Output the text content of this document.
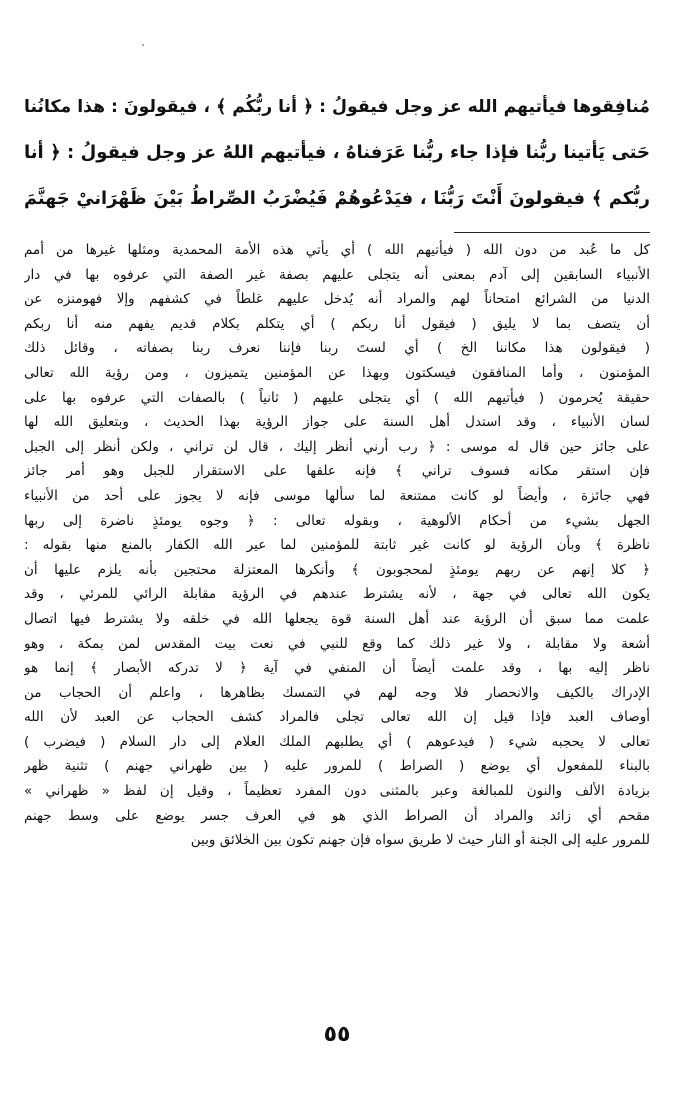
مُنافِقوها فيأتيهم الله عز وجل فيقولُ : ﴿ أنا ربُّكُم ﴾ ، فيقولونَ : هذا مكانُنا
حَتى يَأتينا ربُّنا فإذا جاء ربُّنا عَرَفناهُ ، فيأتيهم اللهُ عز وجل فيقولُ : ﴿ أنا
ربُّكم ﴾ فيقولونَ أَنْتَ رَبُّنَا ، فيَدْعُوهُمْ فَيُضْرَبُ الصِّراطُ بَيْنَ ظَهْرَانيْ جَهنَّمَ
كل ما عُبد من دون الله ( فيأتيهم الله ) أي يأتي هذه الأمة المحمدية ومثلها غيرها من أمم
الأنبياء السابقين إلى آدم بمعنى أنه يتجلى عليهم بصفة غير الصفة التي عرفوه بها في دار
الدنيا من الشرائع امتحاناً لهم والمراد أنه يُدخل عليهم غلطاً في كشفهم وإلا فهومنزه عن
أن يتصف بما لا يليق ( فيقول أنا ربكم ) أي يتكلم بكلام قديم يفهم منه أنا ربكم
( فيقولون هذا مكاننا الخ ) أي لستَ ربنا فإننا نعرف ربنا بصفاته ، وقائل ذلك
المؤمنون ، وأما المنافقون فيسكتون وبهذا عن المؤمنين يتميزون ، ومن رؤية الله تعالى
حقيقة يُحرمون ( فيأتيهم الله ) أي يتجلى عليهم ( ثانياً ) بالصفات التي عرفوه بها على
لسان الأنبياء ، وقد استدل أهل السنة على جواز الرؤية بهذا الحديث ، وبتعليق الله لها
على جائز حين قال له موسى : ﴿ رب أرني أنظر إليك ، قال لن تراني ، ولكن أنظر إلى الجبل
فإن استقر مكانه فسوف تراني ﴾ فإنه علقها على الاستقرار للجبل وهو أمر جائز
فهي جائزة ، وأيضاً لو كانت ممتنعة لما سألها موسى فإنه لا يجوز على أحد من الأنبياء
الجهل بشيء من أحكام الألوهية ، وبقوله تعالى : ﴿ وجوه يومئذٍ ناضرة إلى ربها
ناظرة ﴾ وبأن الرؤية لو كانت غير ثابتة للمؤمنين لما عير الله الكفار بالمنع منها بقوله :
﴿ كلا إنهم عن ربهم يومئذٍ لمحجوبون ﴾ وأنكرها المعتزلة محتجين بأنه يلزم عليها أن
يكون الله تعالى في جهة ، لأنه يشترط عندهم في الرؤية مقابلة الرائي للمرئي ، وقد
علمت مما سبق أن الرؤية عند أهل السنة قوة يجعلها الله في خلقه ولا يشترط فيها اتصال
أشعة ولا مقابلة ، ولا غير ذلك كما وقع للنبي في نعت بيت المقدس لمن بمكة ، وهو
ناظر إليه بها ، وقد علمت أيضاً أن المنفي في آية ﴿ لا تدركه الأبصار ﴾ إنما هو
الإدراك بالكيف والانحصار فلا وجه لهم في التمسك بظاهرها ، واعلم أن الحجاب من
أوصاف العبد فإذا قيل إن الله تعالى تجلى فالمراد كشف الحجاب عن العبد لأن الله
تعالى لا يحجبه شيء ( فيدعوهم ) أي يطلبهم الملك العلام إلى دار السلام ( فيضرب )
بالبناء للمفعول أي يوضع ( الصراط ) للمرور عليه ( بين ظهراني جهنم ) تثنية ظهر
بزيادة الألف والنون للمبالغة وعبر بالمثنى دون المفرد تعظيماً ، وقيل إن لفظ « ظهراني »
مقحم أي زائد والمراد أن الصراط الذي هو في العرف جسر يوضع على وسط جهنم
للمرور عليه إلى الجنة أو النار حيث لا طريق سواه فإن جهنم تكون بين الخلائق وبين
٥٥
